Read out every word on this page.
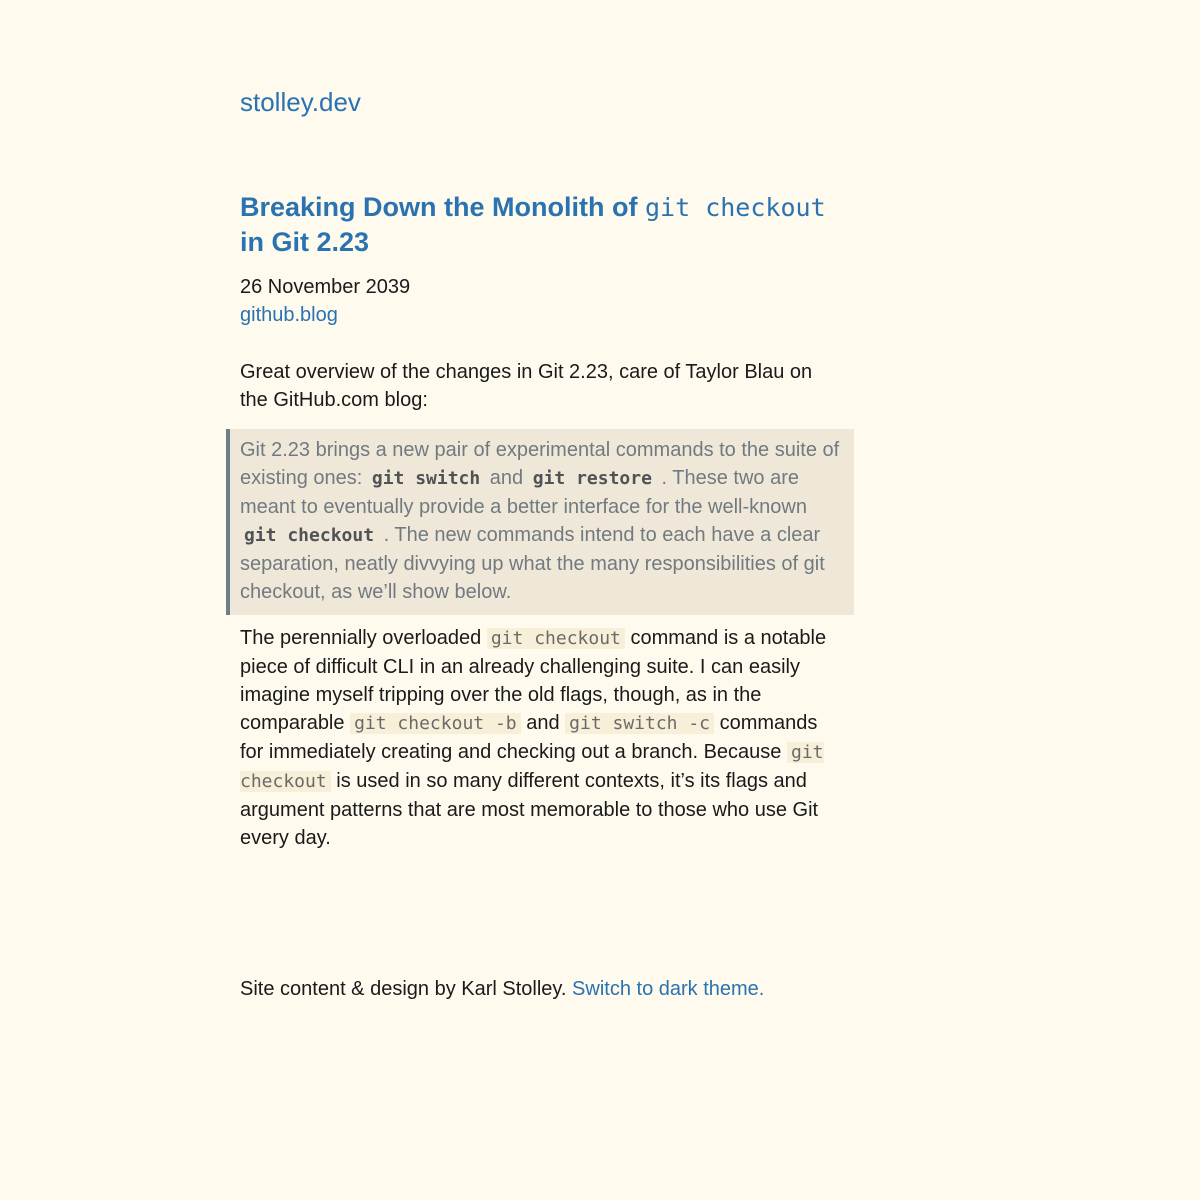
stolley.dev
Breaking Down the Monolith of git checkout in Git 2.23
26 November 2039
github.blog

Great overview of the changes in Git 2.23, care of Taylor Blau on the GitHub.com blog:

Git 2.23 brings a new pair of experimental commands to the suite of existing ones: git switch and git restore . These two are meant to eventually provide a better interface for the well-known git checkout . The new commands intend to each have a clear separation, neatly divvying up what the many responsibilities of git checkout, as we’ll show below.

The perennially overloaded git checkout command is a notable piece of difficult CLI in an already challenging suite. I can easily imagine myself tripping over the old flags, though, as in the comparable git checkout -b and git switch -c commands for immediately creating and checking out a branch. Because git checkout is used in so many different contexts, it’s its flags and argument patterns that are most memorable to those who use Git every day.

Site content & design by Karl Stolley. Switch to dark theme.
